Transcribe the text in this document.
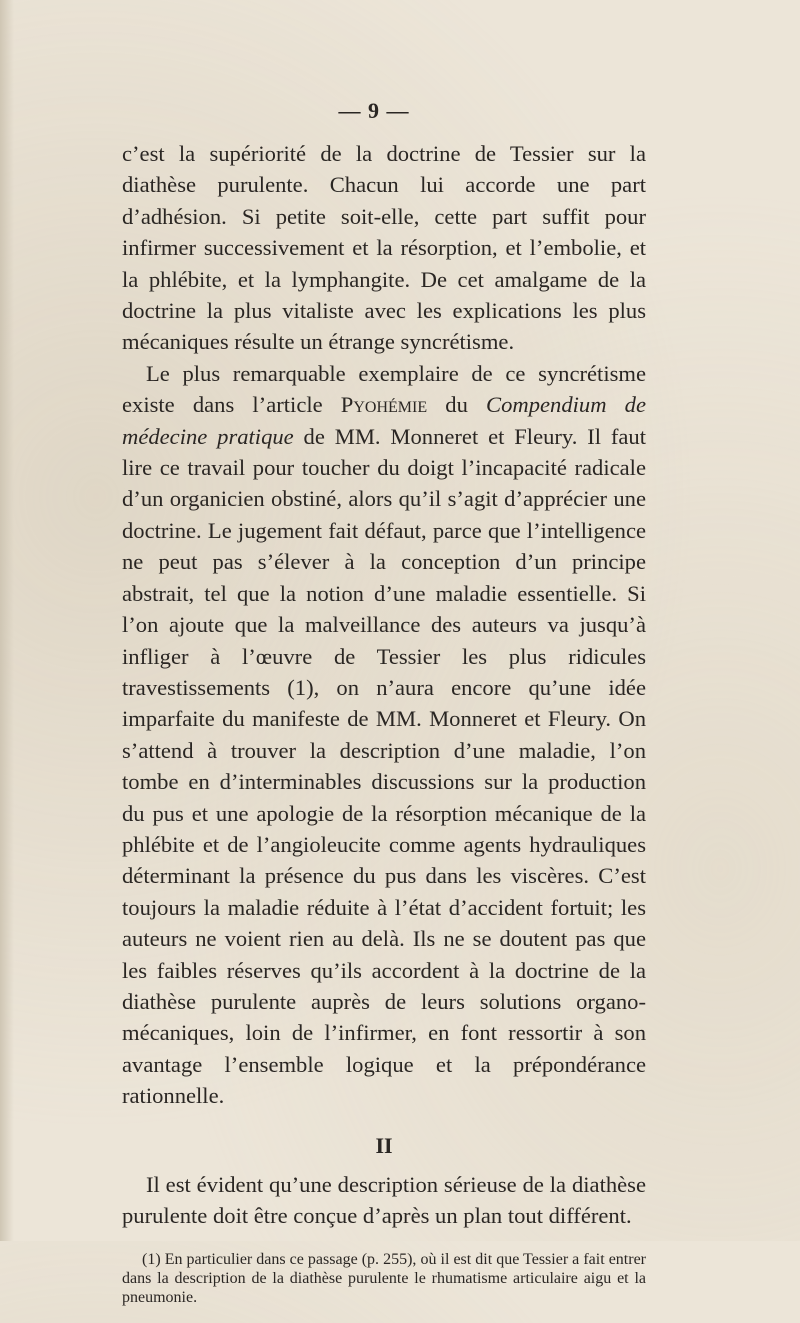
— 9 —

c’est la supériorité de la doctrine de Tessier sur la diathèse purulente. Chacun lui accorde une part d’adhésion. Si petite soit-elle, cette part suffit pour infirmer successivement et la résorption, et l’embolie, et la phlébite, et la lymphangite. De cet amalgame de la doctrine la plus vitaliste avec les explications les plus mécaniques résulte un étrange syncrétisme.

Le plus remarquable exemplaire de ce syncrétisme existe dans l’article Pyohémie du Compendium de médecine pratique de MM. Monneret et Fleury. Il faut lire ce travail pour toucher du doigt l’incapacité radicale d’un organicien obstiné, alors qu’il s’agit d’apprécier une doctrine. Le jugement fait défaut, parce que l’intelligence ne peut pas s’élever à la conception d’un principe abstrait, tel que la notion d’une maladie essentielle. Si l’on ajoute que la malveillance des auteurs va jusqu’à infliger à l’œuvre de Tessier les plus ridicules travestissements (1), on n’aura encore qu’une idée imparfaite du manifeste de MM. Monneret et Fleury. On s’attend à trouver la description d’une maladie, l’on tombe en d’interminables discussions sur la production du pus et une apologie de la résorption mécanique de la phlébite et de l’angioleucite comme agents hydrauliques déterminant la présence du pus dans les viscères. C’est toujours la maladie réduite à l’état d’accident fortuit; les auteurs ne voient rien au delà. Ils ne se doutent pas que les faibles réserves qu’ils accordent à la doctrine de la diathèse purulente auprès de leurs solutions organo-mécaniques, loin de l’infirmer, en font ressortir à son avantage l’ensemble logique et la prépondérance rationnelle.

II

Il est évident qu’une description sérieuse de la diathèse purulente doit être conçue d’après un plan tout différent.

(1) En particulier dans ce passage (p. 255), où il est dit que Tessier a fait entrer dans la description de la diathèse purulente le rhumatisme articulaire aigu et la pneumonie.
